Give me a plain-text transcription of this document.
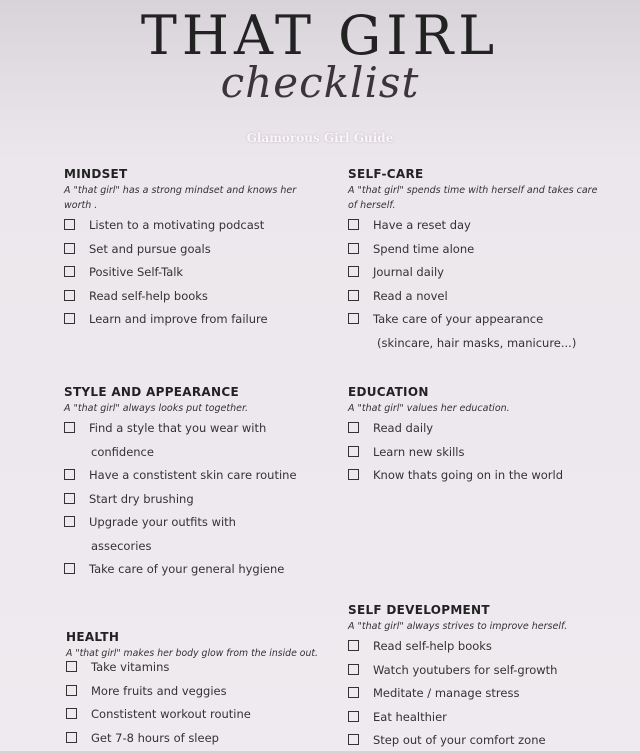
THAT GIRL
checklist
Glamorous Girl Guide
MINDSET
A "that girl" has a strong mindset and knows her worth .
Listen to a motivating podcast
Set and pursue goals
Positive Self-Talk
Read self-help books
Learn and improve from failure
SELF-CARE
A "that girl" spends time with herself and takes care of herself.
Have a reset day
Spend time alone
Journal daily
Read a novel
Take care of your appearance
(skincare, hair masks, manicure...)
STYLE AND APPEARANCE
A "that girl" always looks put together.
Find a style that you wear with
confidence
Have a constistent skin care routine
Start dry brushing
Upgrade your outfits with
assecories
Take care of your general hygiene
EDUCATION
A "that girl" values her education.
Read daily
Learn new skills
Know thats going on in the world
SELF DEVELOPMENT
A "that girl" always strives to improve herself.
Read self-help books
Watch youtubers for self-growth
Meditate / manage stress
Eat healthier
Step out of your comfort zone
HEALTH
A "that girl" makes her body glow from the inside out.
Take vitamins
More fruits and veggies
Constistent workout routine
Get 7-8 hours of sleep
